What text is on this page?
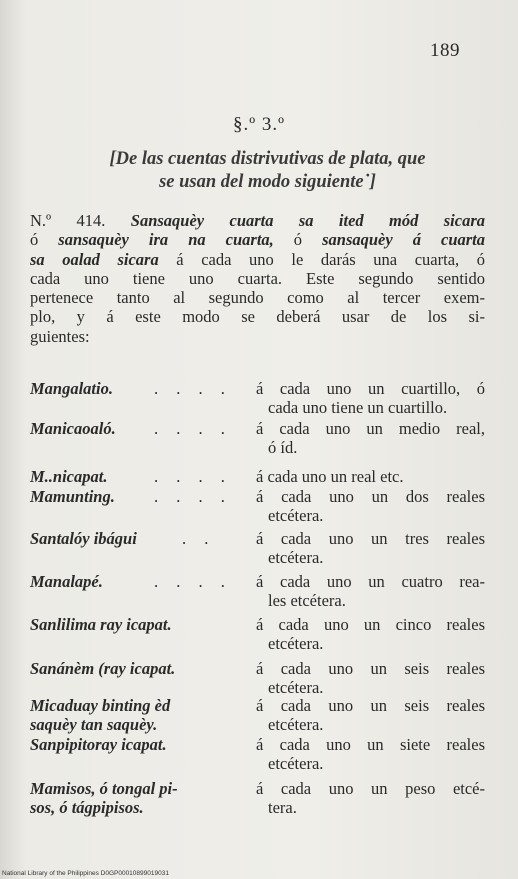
189
§.º 3.º
[De las cuentas distrivutivas de plata, que
se usan del modo siguiente˙]
N.º 414. Sansaquèy cuarta sa ited mód sicara
ó sansaquèy ira na cuarta, ó sansaquèy á cuarta
sa oalad sicara á cada uno le darás una cuarta, ó
cada uno tiene uno cuarta. Este segundo sentido
pertenece tanto al segundo como al tercer exem-
plo, y á este modo se deberá usar de los si-
guientes:
Mangalatio.	. . . . á cada uno un cuartillo, ó
cada uno tiene un cuartillo.
Manicaoaló.	. . . . á cada uno un medio real,
ó íd.
M..nicapat.	. . . . á cada uno un real etc.
Mamunting.	. . . . á cada uno un dos reales
etcétera.
Santalóy ibágui	. . á cada uno un tres reales
etcétera.
Manalapé.	. . . . á cada uno un cuatro rea-
les etcétera.
Sanlilima ray icapat.	á cada uno un cinco reales
etcétera.
Sanánèm (ray icapat.	á cada uno un seis reales
etcétera.
Micaduay binting èd
saquèy tan saquèy.
á cada uno un seis reales
etcétera.
Sanpipitoray icapat.	á cada uno un siete reales
etcétera.
Mamisos, ó tongal pi-
sos, ó tágpipisos.
á cada uno un peso etcé-
tera.
National Library of the Philippines D0GP00010899019031
